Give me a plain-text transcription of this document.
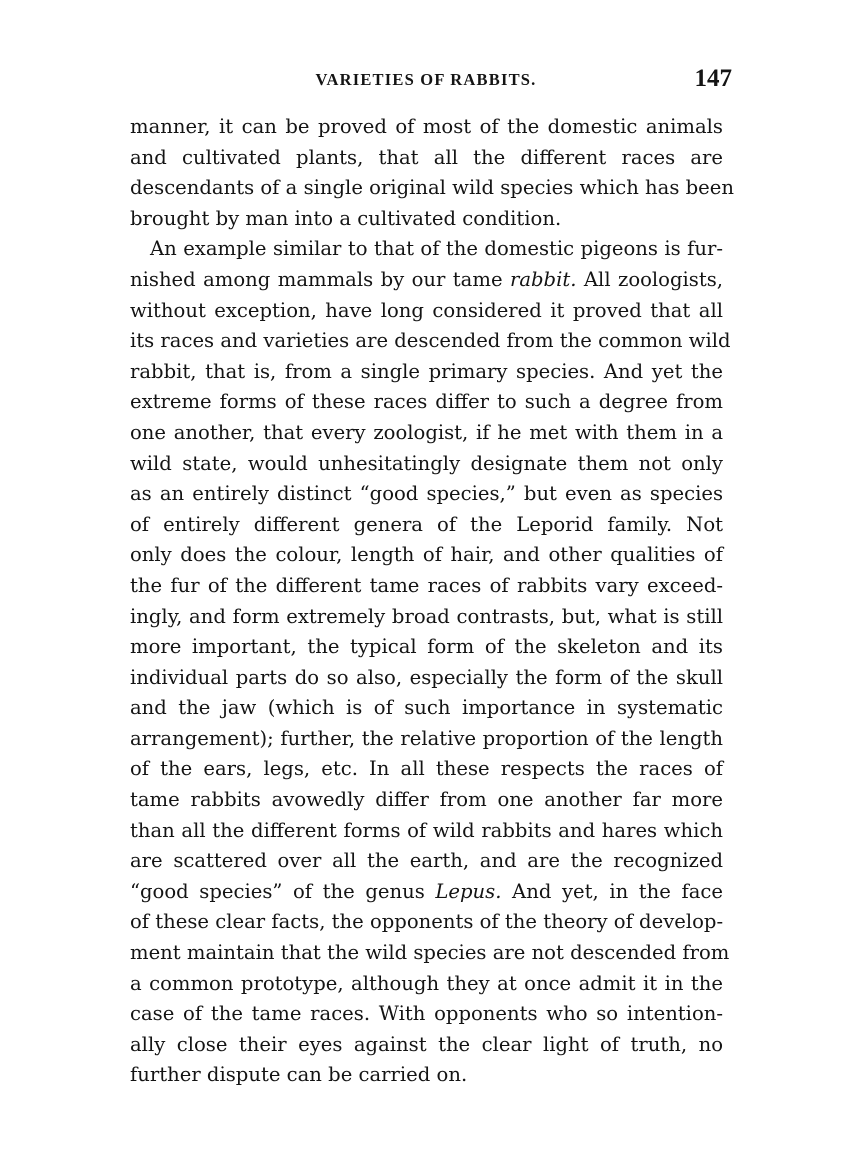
VARIETIES OF RABBITS.	147
manner, it can be proved of most of the domestic animals
and cultivated plants, that all the different races are
descendants of a single original wild species which has been
brought by man into a cultivated condition.
An example similar to that of the domestic pigeons is fur-
nished among mammals by our tame rabbit. All zoologists,
without exception, have long considered it proved that all
its races and varieties are descended from the common wild
rabbit, that is, from a single primary species. And yet the
extreme forms of these races differ to such a degree from
one another, that every zoologist, if he met with them in a
wild state, would unhesitatingly designate them not only
as an entirely distinct “good species,” but even as species
of entirely different genera of the Leporid family. Not
only does the colour, length of hair, and other qualities of
the fur of the different tame races of rabbits vary exceed-
ingly, and form extremely broad contrasts, but, what is still
more important, the typical form of the skeleton and its
individual parts do so also, especially the form of the skull
and the jaw (which is of such importance in systematic
arrangement); further, the relative proportion of the length
of the ears, legs, etc. In all these respects the races of
tame rabbits avowedly differ from one another far more
than all the different forms of wild rabbits and hares which
are scattered over all the earth, and are the recognized
“good species” of the genus Lepus. And yet, in the face
of these clear facts, the opponents of the theory of develop-
ment maintain that the wild species are not descended from
a common prototype, although they at once admit it in the
case of the tame races. With opponents who so intention-
ally close their eyes against the clear light of truth, no
further dispute can be carried on.
